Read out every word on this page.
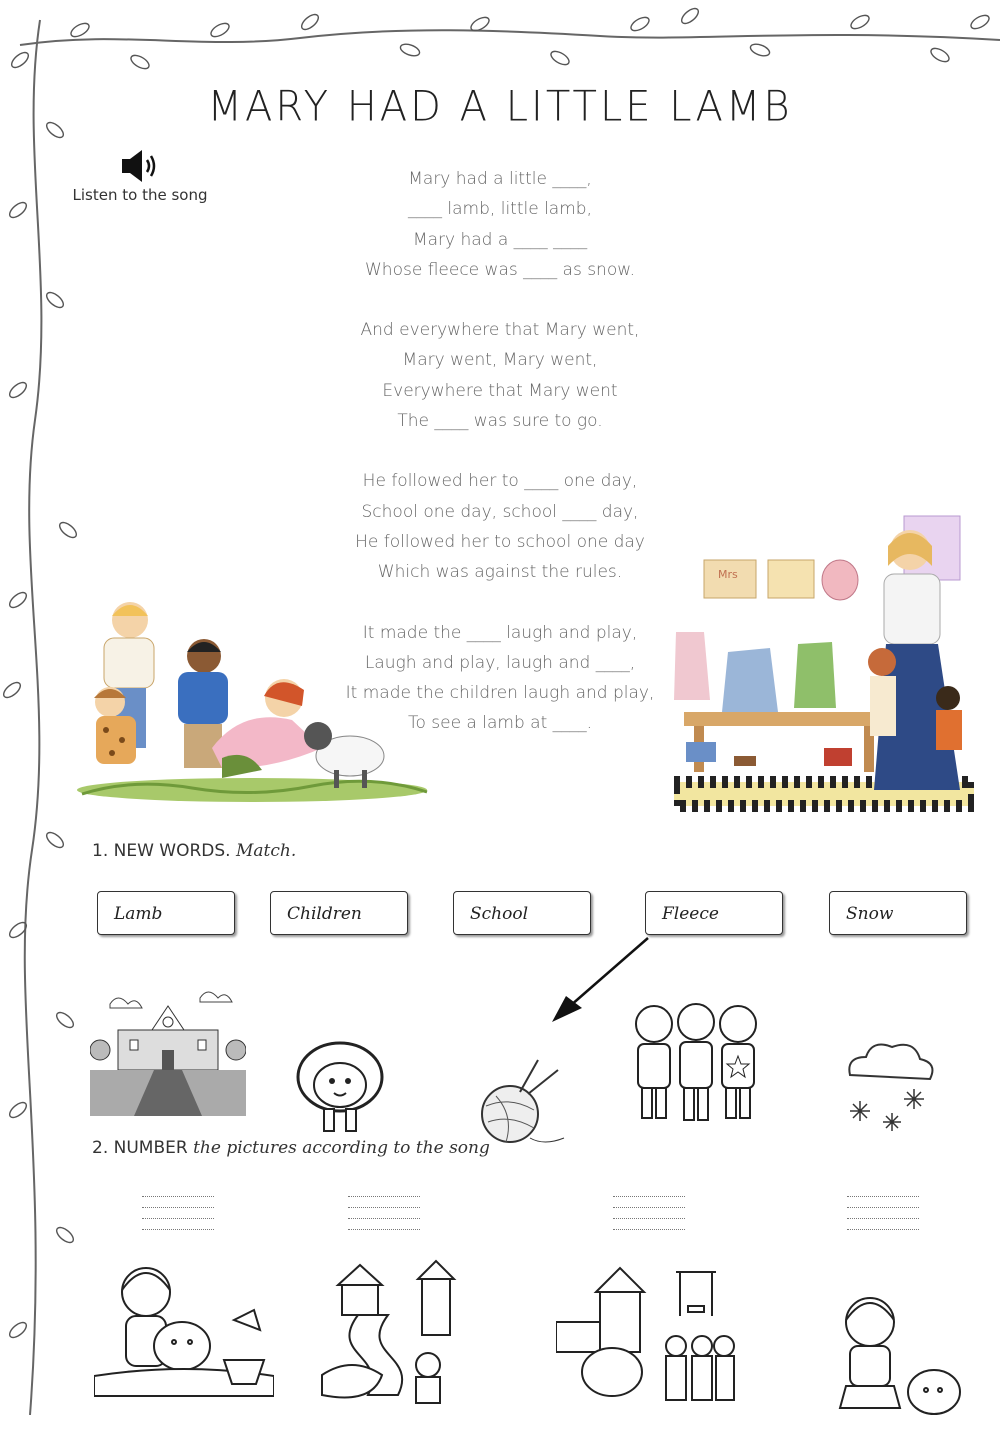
MARY HAD A LITTLE LAMB
Listen to the song
Mary had a little ____,
____ lamb, little lamb,
Mary had a ____ ____
Whose fleece was ____ as snow.
And everywhere that Mary went,
Mary went, Mary went,
Everywhere that Mary went
The ____ was sure to go.
He followed her to ____ one day,
School one day, school ____ day,
He followed her to school one day
Which was against the rules.
It made the ____ laugh and play,
Laugh and play, laugh and ____,
It made the children laugh and play,
To see a lamb at ____.
Mrs
1. NEW WORDS. Match.
Lamb	Children	School	Fleece	Snow
2. NUMBER the pictures according to the song
